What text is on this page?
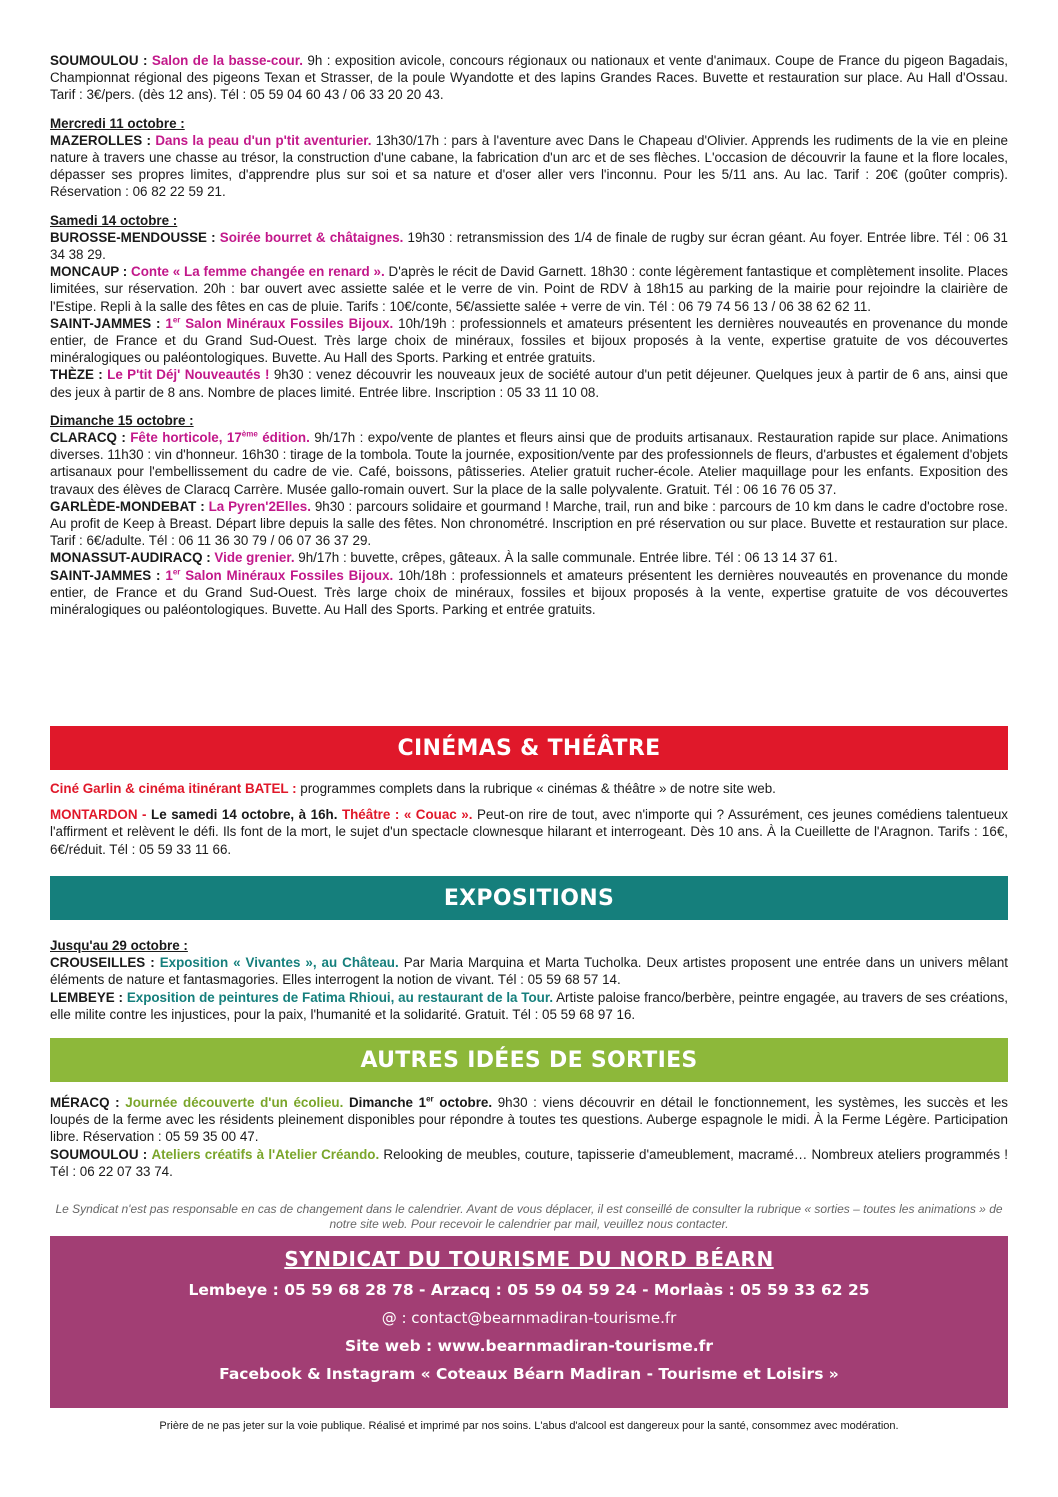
SOUMOULOU : Salon de la basse-cour. 9h : exposition avicole, concours régionaux ou nationaux et vente d'animaux. Coupe de France du pigeon Bagadais, Championnat régional des pigeons Texan et Strasser, de la poule Wyandotte et des lapins Grandes Races. Buvette et restauration sur place. Au Hall d'Ossau. Tarif : 3€/pers. (dès 12 ans). Tél : 05 59 04 60 43 / 06 33 20 20 43.

Mercredi 11 octobre :

MAZEROLLES : Dans la peau d'un p'tit aventurier. 13h30/17h : pars à l'aventure avec Dans le Chapeau d'Olivier. Apprends les rudiments de la vie en pleine nature à travers une chasse au trésor, la construction d'une cabane, la fabrication d'un arc et de ses flèches. L'occasion de découvrir la faune et la flore locales, dépasser ses propres limites, d'apprendre plus sur soi et sa nature et d'oser aller vers l'inconnu. Pour les 5/11 ans. Au lac. Tarif : 20€ (goûter compris). Réservation : 06 82 22 59 21.

Samedi 14 octobre :

BUROSSE-MENDOUSSE : Soirée bourret & châtaignes. 19h30 : retransmission des 1/4 de finale de rugby sur écran géant. Au foyer. Entrée libre. Tél : 06 31 34 38 29.

MONCAUP : Conte « La femme changée en renard ». D'après le récit de David Garnett. 18h30 : conte légèrement fantastique et complètement insolite. Places limitées, sur réservation. 20h : bar ouvert avec assiette salée et le verre de vin. Point de RDV à 18h15 au parking de la mairie pour rejoindre la clairière de l'Estipe. Repli à la salle des fêtes en cas de pluie. Tarifs : 10€/conte, 5€/assiette salée + verre de vin. Tél : 06 79 74 56 13 / 06 38 62 62 11.

SAINT-JAMMES : 1er Salon Minéraux Fossiles Bijoux. 10h/19h : professionnels et amateurs présentent les dernières nouveautés en provenance du monde entier, de France et du Grand Sud-Ouest. Très large choix de minéraux, fossiles et bijoux proposés à la vente, expertise gratuite de vos découvertes minéralogiques ou paléontologiques. Buvette. Au Hall des Sports. Parking et entrée gratuits.

THÈZE : Le P'tit Déj' Nouveautés ! 9h30 : venez découvrir les nouveaux jeux de société autour d'un petit déjeuner. Quelques jeux à partir de 6 ans, ainsi que des jeux à partir de 8 ans. Nombre de places limité. Entrée libre. Inscription : 05 33 11 10 08.

Dimanche 15 octobre :

CLARACQ : Fête horticole, 17ème édition. 9h/17h : expo/vente de plantes et fleurs ainsi que de produits artisanaux. Restauration rapide sur place. Animations diverses. 11h30 : vin d'honneur. 16h30 : tirage de la tombola. Toute la journée, exposition/vente par des professionnels de fleurs, d'arbustes et également d'objets artisanaux pour l'embellissement du cadre de vie. Café, boissons, pâtisseries. Atelier gratuit rucher-école. Atelier maquillage pour les enfants. Exposition des travaux des élèves de Claracq Carrère. Musée gallo-romain ouvert. Sur la place de la salle polyvalente. Gratuit. Tél : 06 16 76 05 37.

GARLÈDE-MONDEBAT : La Pyren'2Elles. 9h30 : parcours solidaire et gourmand ! Marche, trail, run and bike : parcours de 10 km dans le cadre d'octobre rose. Au profit de Keep à Breast. Départ libre depuis la salle des fêtes. Non chronométré. Inscription en pré réservation ou sur place. Buvette et restauration sur place. Tarif : 6€/adulte. Tél : 06 11 36 30 79 / 06 07 36 37 29.

MONASSUT-AUDIRACQ : Vide grenier. 9h/17h : buvette, crêpes, gâteaux. À la salle communale. Entrée libre. Tél : 06 13 14 37 61.

SAINT-JAMMES : 1er Salon Minéraux Fossiles Bijoux. 10h/18h : professionnels et amateurs présentent les dernières nouveautés en provenance du monde entier, de France et du Grand Sud-Ouest. Très large choix de minéraux, fossiles et bijoux proposés à la vente, expertise gratuite de vos découvertes minéralogiques ou paléontologiques. Buvette. Au Hall des Sports. Parking et entrée gratuits.

CINÉMAS & THÉÂTRE

Ciné Garlin & cinéma itinérant BATEL : programmes complets dans la rubrique « cinémas & théâtre » de notre site web.

MONTARDON - Le samedi 14 octobre, à 16h. Théâtre : « Couac ». Peut-on rire de tout, avec n'importe qui ? Assurément, ces jeunes comédiens talentueux l'affirment et relèvent le défi. Ils font de la mort, le sujet d'un spectacle clownesque hilarant et interrogeant. Dès 10 ans. À la Cueillette de l'Aragnon. Tarifs : 16€, 6€/réduit. Tél : 05 59 33 11 66.

EXPOSITIONS

Jusqu'au 29 octobre :

CROUSEILLES : Exposition « Vivantes », au Château. Par Maria Marquina et Marta Tucholka. Deux artistes proposent une entrée dans un univers mêlant éléments de nature et fantasmagories. Elles interrogent la notion de vivant. Tél : 05 59 68 57 14.

LEMBEYE : Exposition de peintures de Fatima Rhioui, au restaurant de la Tour. Artiste paloise franco/berbère, peintre engagée, au travers de ses créations, elle milite contre les injustices, pour la paix, l'humanité et la solidarité. Gratuit. Tél : 05 59 68 97 16.

AUTRES IDÉES DE SORTIES

MÉRACQ : Journée découverte d'un écolieu. Dimanche 1er octobre. 9h30 : viens découvrir en détail le fonctionnement, les systèmes, les succès et les loupés de la ferme avec les résidents pleinement disponibles pour répondre à toutes tes questions. Auberge espagnole le midi. À la Ferme Légère. Participation libre. Réservation : 05 59 35 00 47.

SOUMOULOU : Ateliers créatifs à l'Atelier Créando. Relooking de meubles, couture, tapisserie d'ameublement, macramé… Nombreux ateliers programmés ! Tél : 06 22 07 33 74.

Le Syndicat n'est pas responsable en cas de changement dans le calendrier. Avant de vous déplacer, il est conseillé de consulter la rubrique « sorties – toutes les animations » de notre site web. Pour recevoir le calendrier par mail, veuillez nous contacter.
SYNDICAT DU TOURISME DU NORD BÉARN
Lembeye : 05 59 68 28 78 - Arzacq : 05 59 04 59 24 - Morlaàs : 05 59 33 62 25
@ : contact@bearnmadiran-tourisme.fr
Site web : www.bearnmadiran-tourisme.fr
Facebook & Instagram « Coteaux Béarn Madiran - Tourisme et Loisirs »
Prière de ne pas jeter sur la voie publique. Réalisé et imprimé par nos soins. L'abus d'alcool est dangereux pour la santé, consommez avec modération.
